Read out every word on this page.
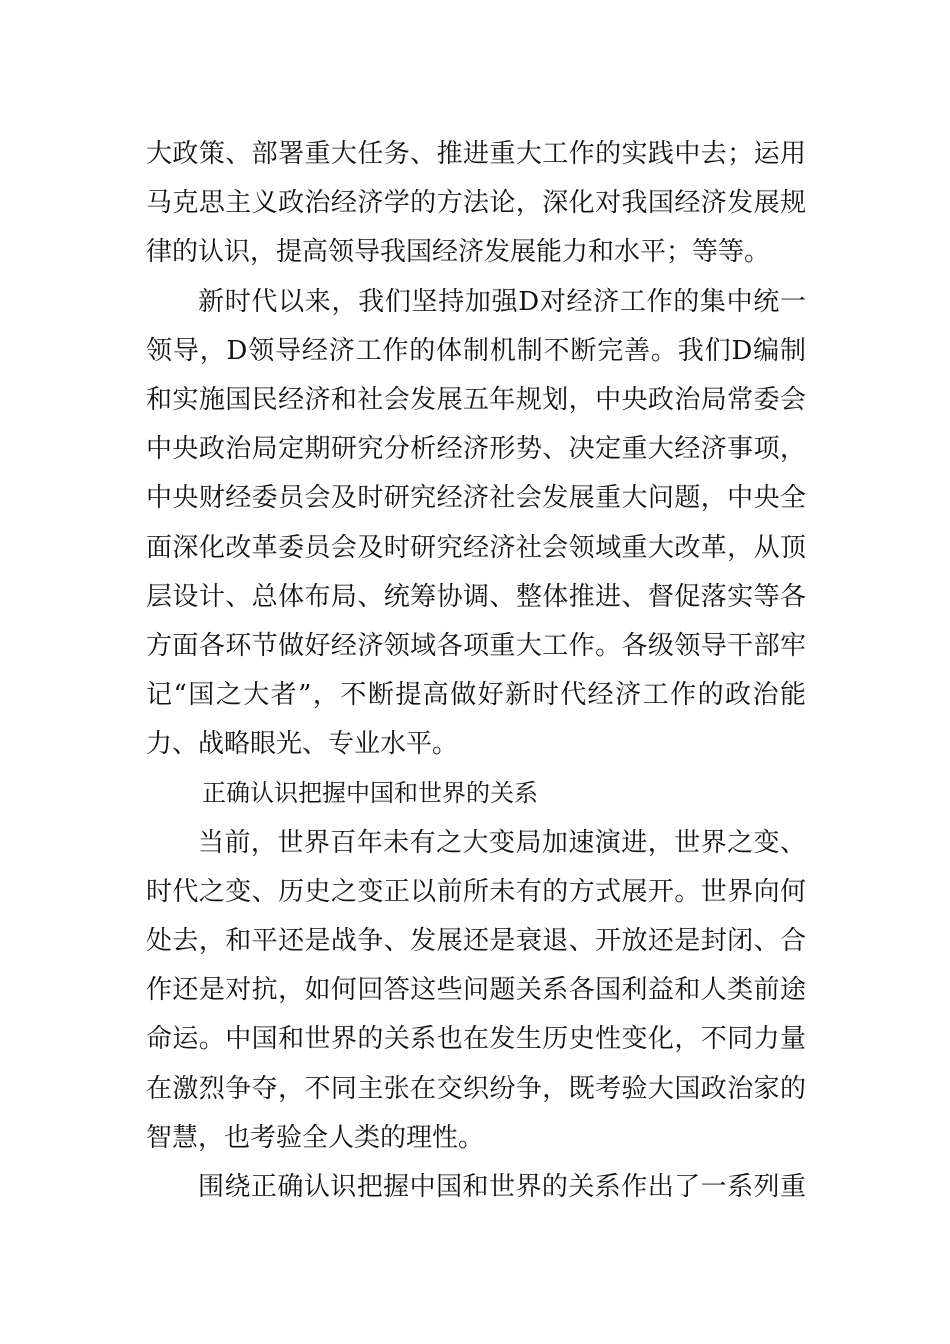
大政策、部署重大任务、推进重大工作的实践中去；运用
马克思主义政治经济学的方法论，深化对我国经济发展规
律的认识，提高领导我国经济发展能力和水平；等等。
新时代以来，我们坚持加强D对经济工作的集中统一
领导，D领导经济工作的体制机制不断完善。我们D编制
和实施国民经济和社会发展五年规划，中央政治局常委会
中央政治局定期研究分析经济形势、决定重大经济事项，
中央财经委员会及时研究经济社会发展重大问题，中央全
面深化改革委员会及时研究经济社会领域重大改革，从顶
层设计、总体布局、统筹协调、整体推进、督促落实等各
方面各环节做好经济领域各项重大工作。各级领导干部牢
记“国之大者”，不断提高做好新时代经济工作的政治能
力、战略眼光、专业水平。
正确认识把握中国和世界的关系
当前，世界百年未有之大变局加速演进，世界之变、
时代之变、历史之变正以前所未有的方式展开。世界向何
处去，和平还是战争、发展还是衰退、开放还是封闭、合
作还是对抗，如何回答这些问题关系各国利益和人类前途
命运。中国和世界的关系也在发生历史性变化，不同力量
在激烈争夺，不同主张在交织纷争，既考验大国政治家的
智慧，也考验全人类的理性。
围绕正确认识把握中国和世界的关系作出了一系列重
